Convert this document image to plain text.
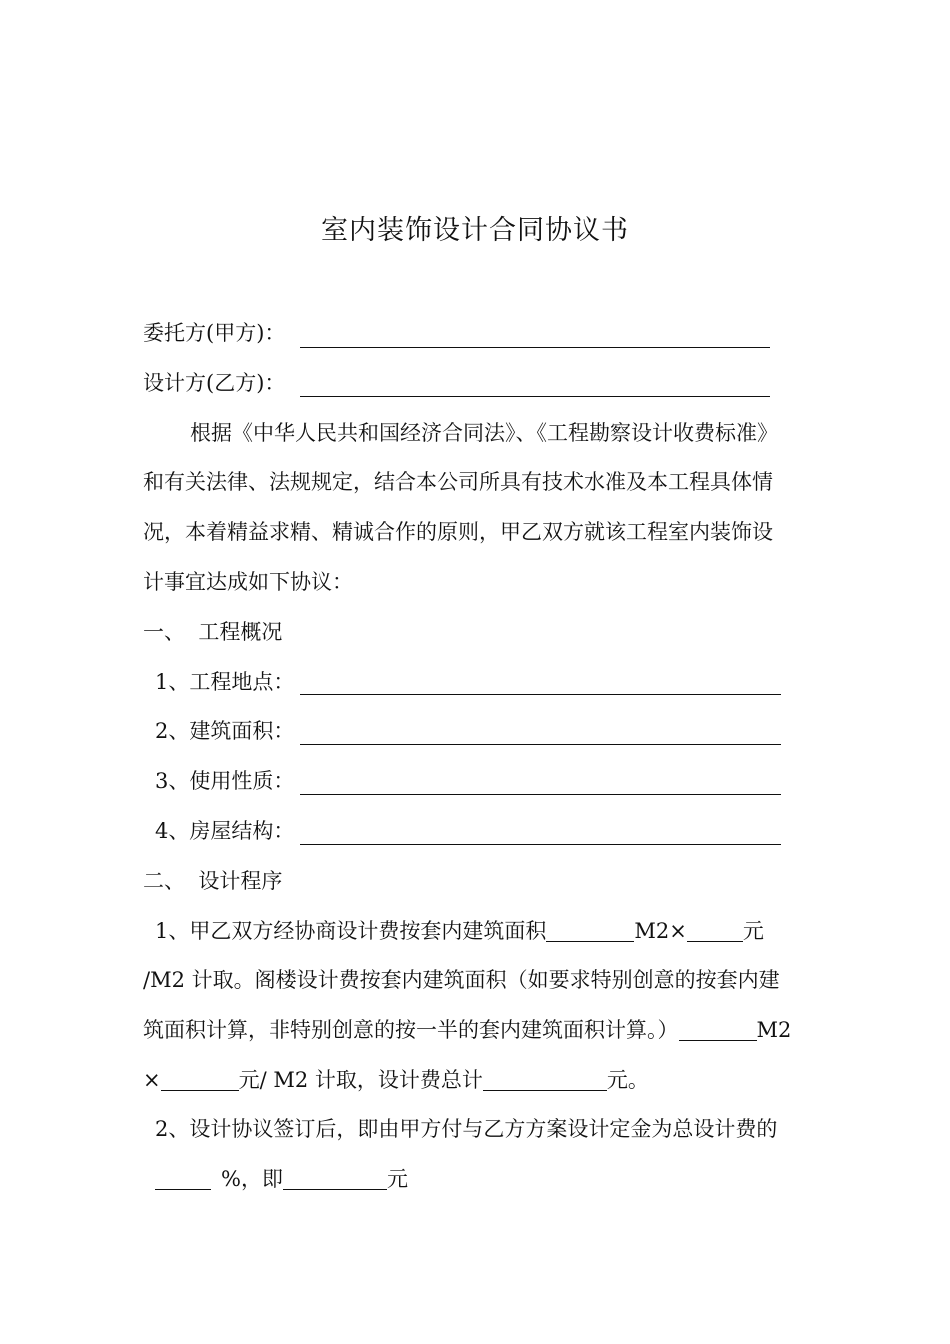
室内装饰设计合同协议书
委托方(甲方)：
设计方(乙方)：
根据《中华人民共和国经济合同法》、《工程勘察设计收费标准》
和有关法律、法规规定，结合本公司所具有技术水准及本工程具体情
况，本着精益求精、精诚合作的原则，甲乙双方就该工程室内装饰设
计事宜达成如下协议：
一、  工程概况
1、工程地点：
2、建筑面积：
3、使用性质：
4、房屋结构：
二、  设计程序
1、甲乙双方经协商设计费按套内建筑面积	M2×	元
/M2 计取。阁楼设计费按套内建筑面积（如要求特别创意的按套内建
筑面积计算，非特别创意的按一半的套内建筑面积计算。）	M2
×	元/ M2 计取，设计费总计	元。
2、设计协议签订后，即由甲方付与乙方方案设计定金为总设计费的
%，即	元
